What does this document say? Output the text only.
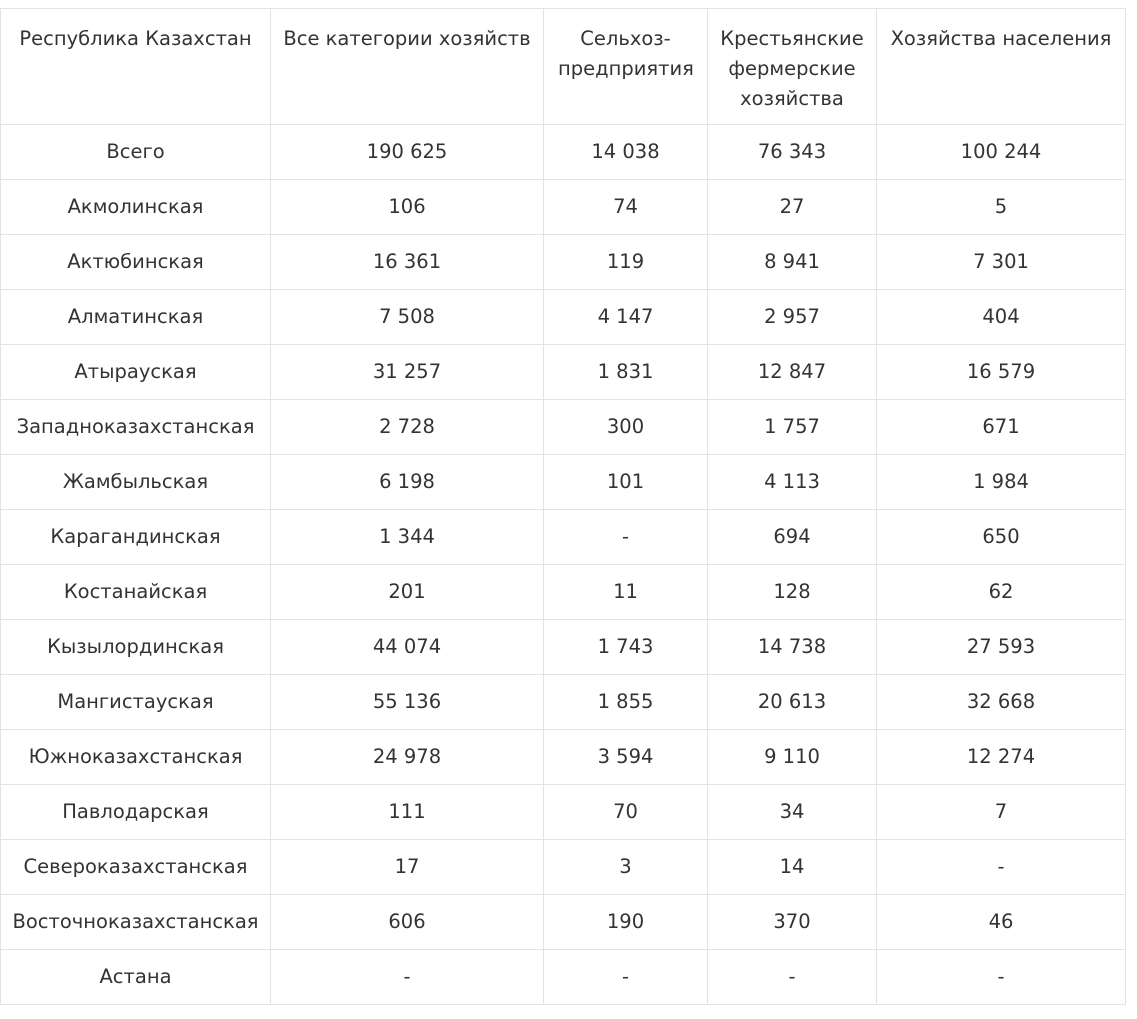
Республика Казахстан	Все категории хозяйств	Сельхоз-предприятия	Крестьянские фермерские хозяйства	Хозяйства населения
Всего	190 625	14 038	76 343	100 244
Акмолинская	106	74	27	5
Актюбинская	16 361	119	8 941	7 301
Алматинская	7 508	4 147	2 957	404
Атырауская	31 257	1 831	12 847	16 579
Западноказахстанская	2 728	300	1 757	671
Жамбыльская	6 198	101	4 113	1 984
Карагандинская	1 344	-	694	650
Костанайская	201	11	128	62
Кызылординская	44 074	1 743	14 738	27 593
Мангистауская	55 136	1 855	20 613	32 668
Южноказахстанская	24 978	3 594	9 110	12 274
Павлодарская	111	70	34	7
Североказахстанская	17	3	14	-
Восточноказахстанская	606	190	370	46
Астана	-	-	-	-
